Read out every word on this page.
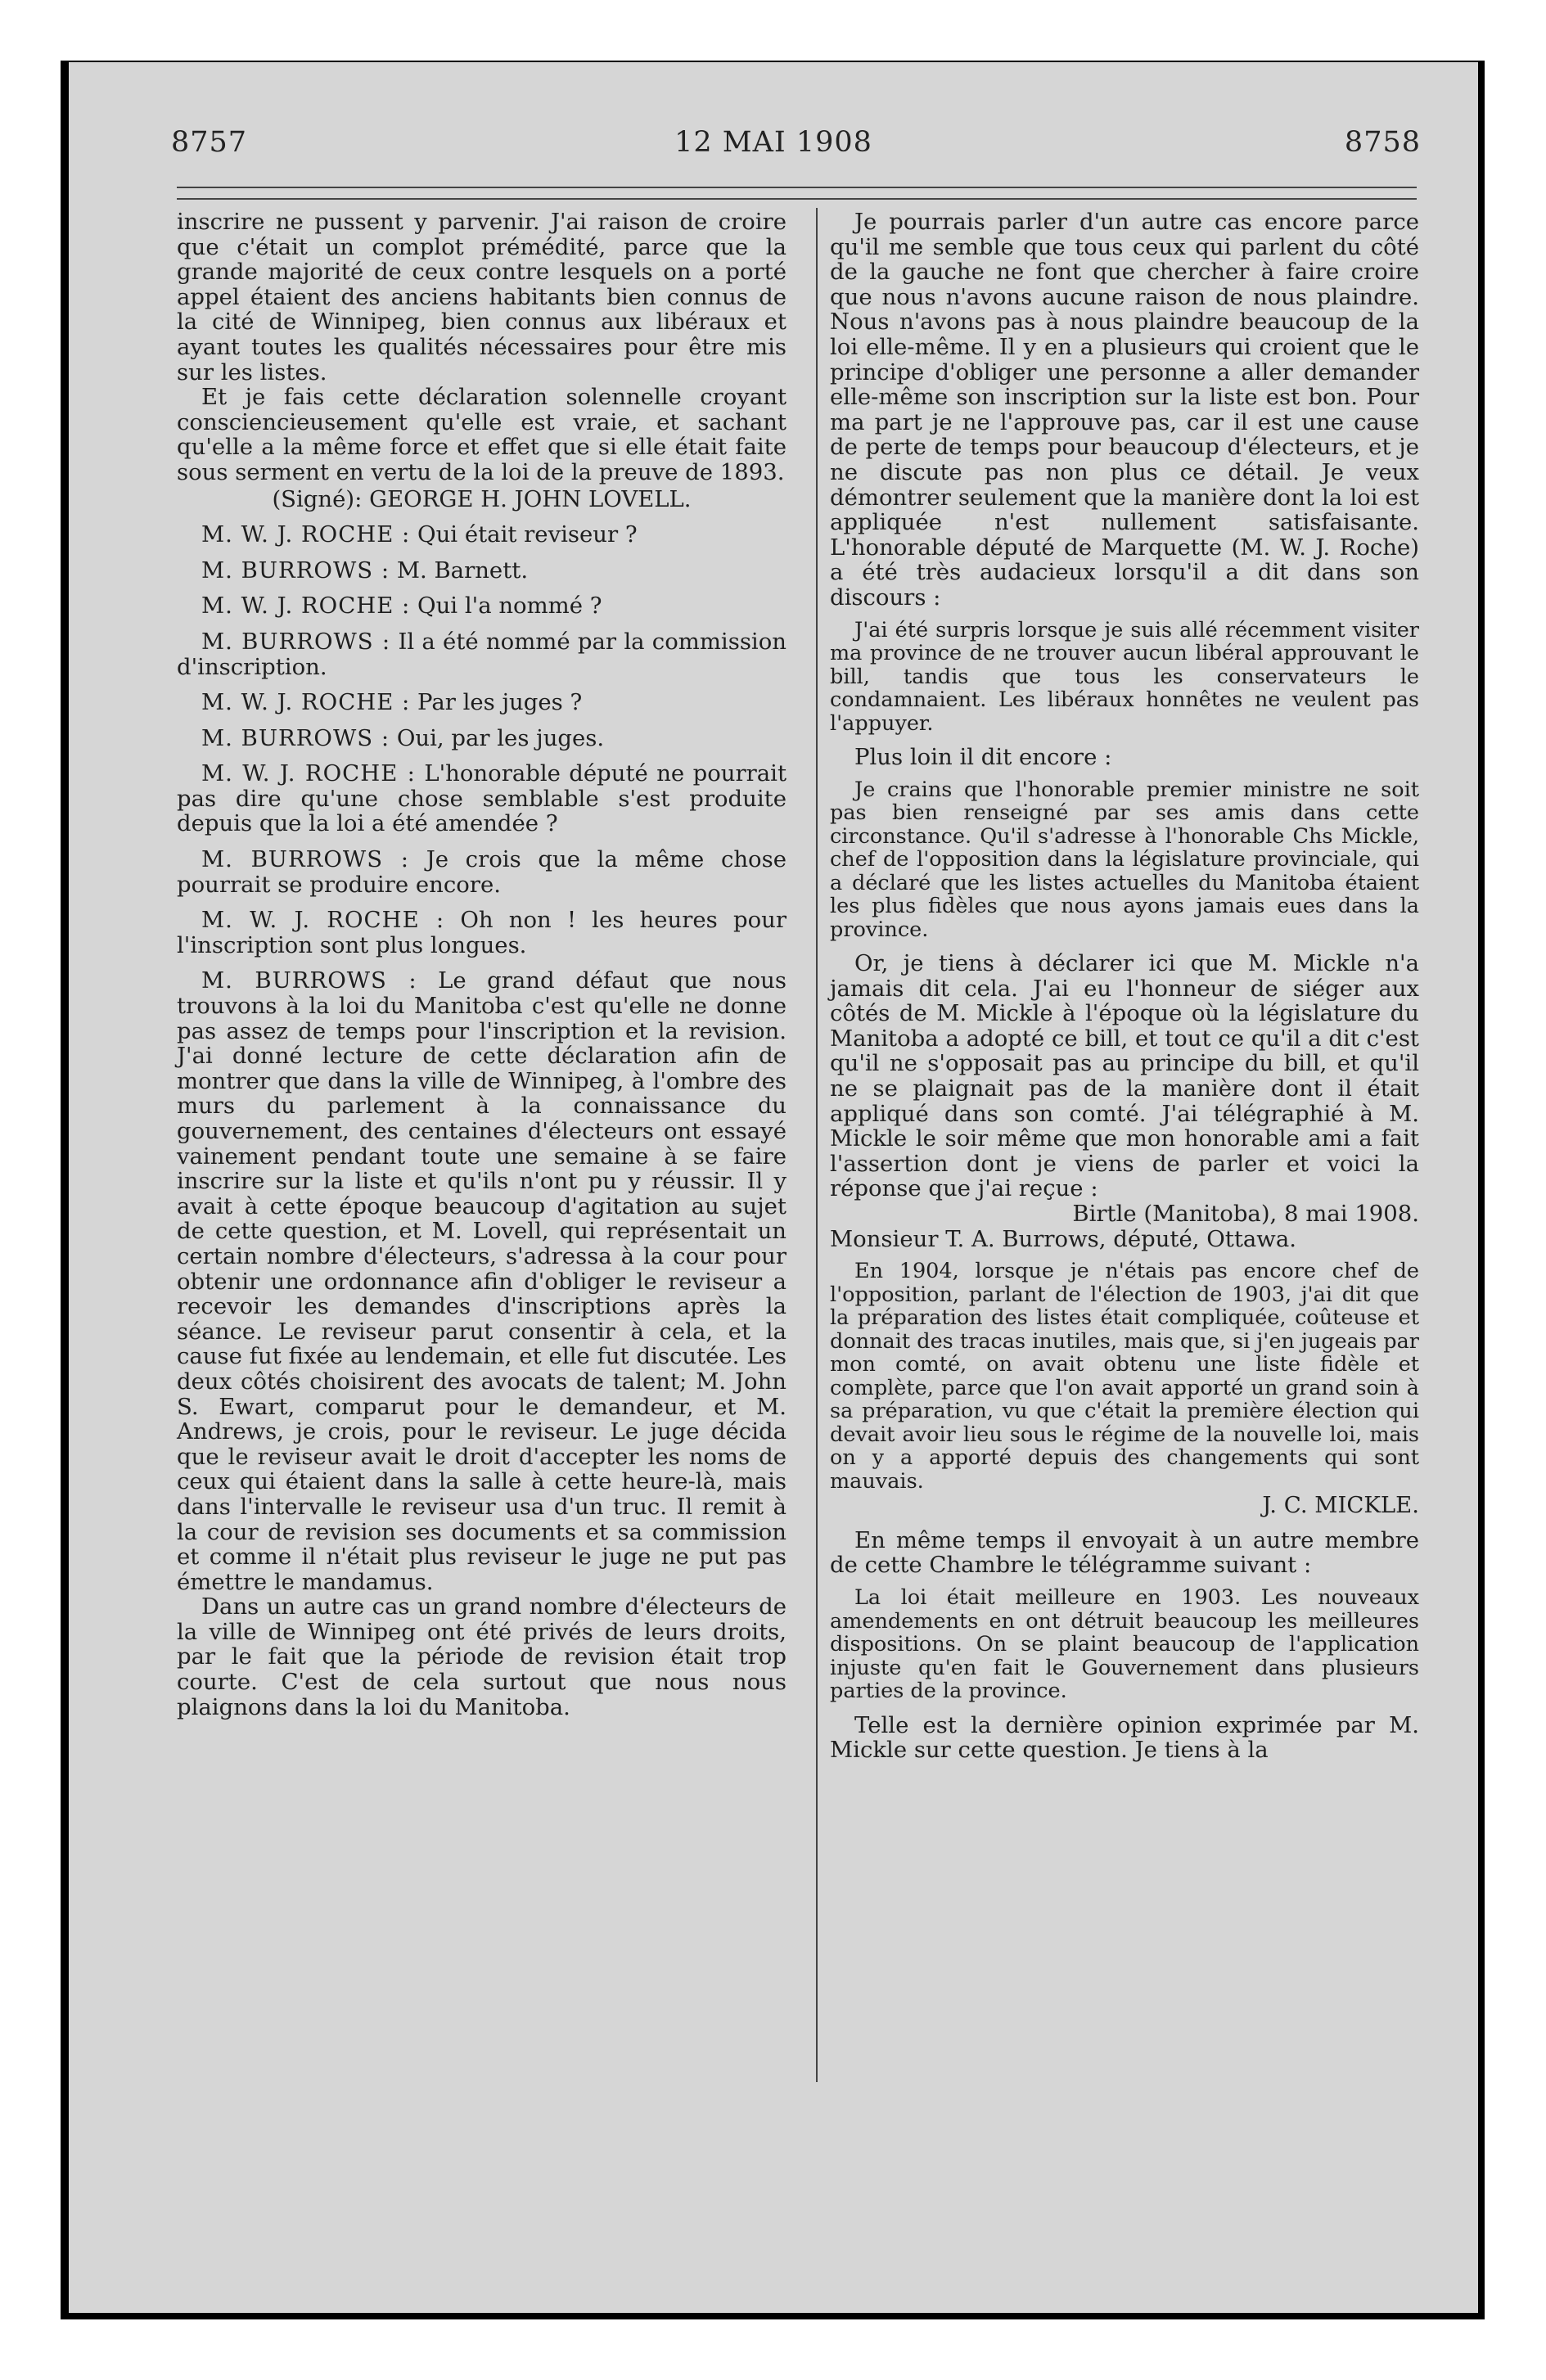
8757	12 MAI 1908	8758

inscrire ne pussent y parvenir. J'ai raison de croire que c'était un complot prémédité, parce que la grande majorité de ceux contre lesquels on a porté appel étaient des anciens habitants bien connus de la cité de Winnipeg, bien connus aux libéraux et ayant toutes les qualités nécessaires pour être mis sur les listes.

Et je fais cette déclaration solennelle croyant consciencieusement qu'elle est vraie, et sachant qu'elle a la même force et effet que si elle était faite sous serment en vertu de la loi de la preuve de 1893.

(Signé): GEORGE H. JOHN LOVELL.

M. W. J. ROCHE : Qui était reviseur ?

M. BURROWS : M. Barnett.

M. W. J. ROCHE : Qui l'a nommé ?

M. BURROWS : Il a été nommé par la commission d'inscription.

M. W. J. ROCHE : Par les juges ?

M. BURROWS : Oui, par les juges.

M. W. J. ROCHE : L'honorable député ne pourrait pas dire qu'une chose semblable s'est produite depuis que la loi a été amendée ?

M. BURROWS : Je crois que la même chose pourrait se produire encore.

M. W. J. ROCHE : Oh non ! les heures pour l'inscription sont plus longues.

M. BURROWS : Le grand défaut que nous trouvons à la loi du Manitoba c'est qu'elle ne donne pas assez de temps pour l'inscription et la revision. J'ai donné lecture de cette déclaration afin de montrer que dans la ville de Winnipeg, à l'ombre des murs du parlement à la connaissance du gouvernement, des centaines d'électeurs ont essayé vainement pendant toute une semaine à se faire inscrire sur la liste et qu'ils n'ont pu y réussir. Il y avait à cette époque beaucoup d'agitation au sujet de cette question, et M. Lovell, qui représentait un certain nombre d'électeurs, s'adressa à la cour pour obtenir une ordonnance afin d'obliger le reviseur a recevoir les demandes d'inscriptions après la séance. Le reviseur parut consentir à cela, et la cause fut fixée au lendemain, et elle fut discutée. Les deux côtés choisirent des avocats de talent; M. John S. Ewart, comparut pour le demandeur, et M. Andrews, je crois, pour le reviseur. Le juge décida que le reviseur avait le droit d'accepter les noms de ceux qui étaient dans la salle à cette heure-là, mais dans l'intervalle le reviseur usa d'un truc. Il remit à la cour de revision ses documents et sa commission et comme il n'était plus reviseur le juge ne put pas émettre le mandamus.

Dans un autre cas un grand nombre d'électeurs de la ville de Winnipeg ont été privés de leurs droits, par le fait que la période de revision était trop courte. C'est de cela surtout que nous nous plaignons dans la loi du Manitoba.

Je pourrais parler d'un autre cas encore parce qu'il me semble que tous ceux qui parlent du côté de la gauche ne font que chercher à faire croire que nous n'avons aucune raison de nous plaindre. Nous n'avons pas à nous plaindre beaucoup de la loi elle-même. Il y en a plusieurs qui croient que le principe d'obliger une personne a aller demander elle-même son inscription sur la liste est bon. Pour ma part je ne l'approuve pas, car il est une cause de perte de temps pour beaucoup d'électeurs, et je ne discute pas non plus ce détail. Je veux démontrer seulement que la manière dont la loi est appliquée n'est nullement satisfaisante. L'honorable député de Marquette (M. W. J. Roche) a été très audacieux lorsqu'il a dit dans son discours :

J'ai été surpris lorsque je suis allé récemment visiter ma province de ne trouver aucun libéral approuvant le bill, tandis que tous les conservateurs le condamnaient. Les libéraux honnêtes ne veulent pas l'appuyer.

Plus loin il dit encore :

Je crains que l'honorable premier ministre ne soit pas bien renseigné par ses amis dans cette circonstance. Qu'il s'adresse à l'honorable Chs Mickle, chef de l'opposition dans la législature provinciale, qui a déclaré que les listes actuelles du Manitoba étaient les plus fidèles que nous ayons jamais eues dans la province.

Or, je tiens à déclarer ici que M. Mickle n'a jamais dit cela. J'ai eu l'honneur de siéger aux côtés de M. Mickle à l'époque où la législature du Manitoba a adopté ce bill, et tout ce qu'il a dit c'est qu'il ne s'opposait pas au principe du bill, et qu'il ne se plaignait pas de la manière dont il était appliqué dans son comté. J'ai télégraphié à M. Mickle le soir même que mon honorable ami a fait l'assertion dont je viens de parler et voici la réponse que j'ai reçue :

Birtle (Manitoba), 8 mai 1908.

Monsieur T. A. Burrows, député, Ottawa.

En 1904, lorsque je n'étais pas encore chef de l'opposition, parlant de l'élection de 1903, j'ai dit que la préparation des listes était compliquée, coûteuse et donnait des tracas inutiles, mais que, si j'en jugeais par mon comté, on avait obtenu une liste fidèle et complète, parce que l'on avait apporté un grand soin à sa préparation, vu que c'était la première élection qui devait avoir lieu sous le régime de la nouvelle loi, mais on y a apporté depuis des changements qui sont mauvais.

J. C. MICKLE.

En même temps il envoyait à un autre membre de cette Chambre le télégramme suivant :

La loi était meilleure en 1903. Les nouveaux amendements en ont détruit beaucoup les meilleures dispositions. On se plaint beaucoup de l'application injuste qu'en fait le Gouvernement dans plusieurs parties de la province.

Telle est la dernière opinion exprimée par M. Mickle sur cette question. Je tiens à la
